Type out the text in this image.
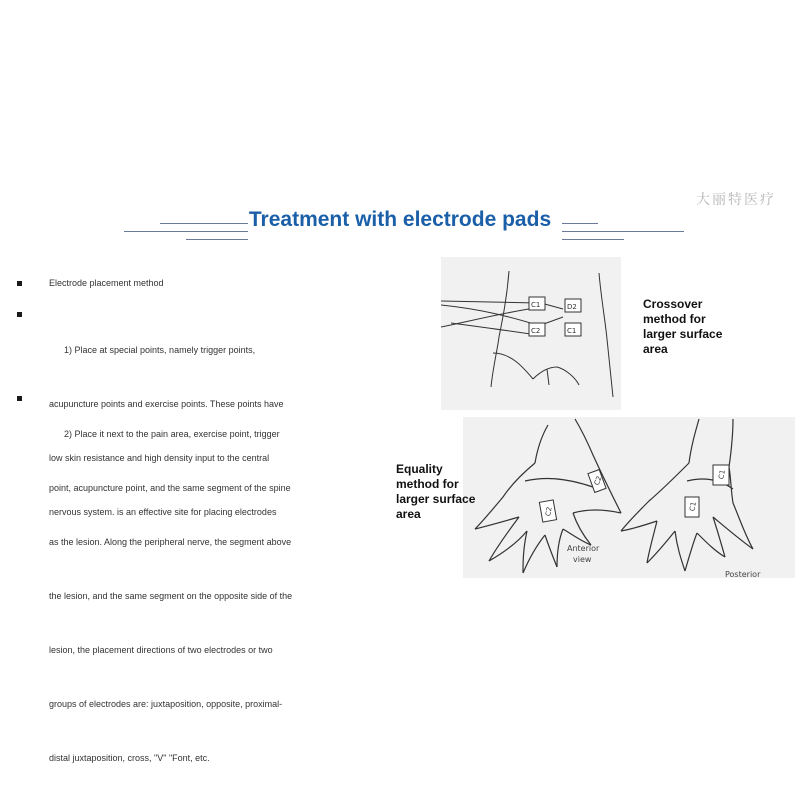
大丽特医疗
Treatment with electrode pads
Electrode placement method

1) Place at special points, namely trigger points,

acupuncture points and exercise points. These points have

low skin resistance and high density input to the central

nervous system. is an effective site for placing electrodes

2) Place it next to the pain area, exercise point, trigger

point, acupuncture point, and the same segment of the spine

as the lesion. Along the peripheral nerve, the segment above

the lesion, and the same segment on the opposite side of the

lesion, the placement directions of two electrodes or two

groups of electrodes are: juxtaposition, opposite, proximal-

distal juxtaposition, cross, "V" "Font, etc.

C1	D2
C2	C1
Crossover
method for
larger surface
area
C2
C2
Anterior
view
C1
C1
Posterior
Equality
method for
larger surface
area
